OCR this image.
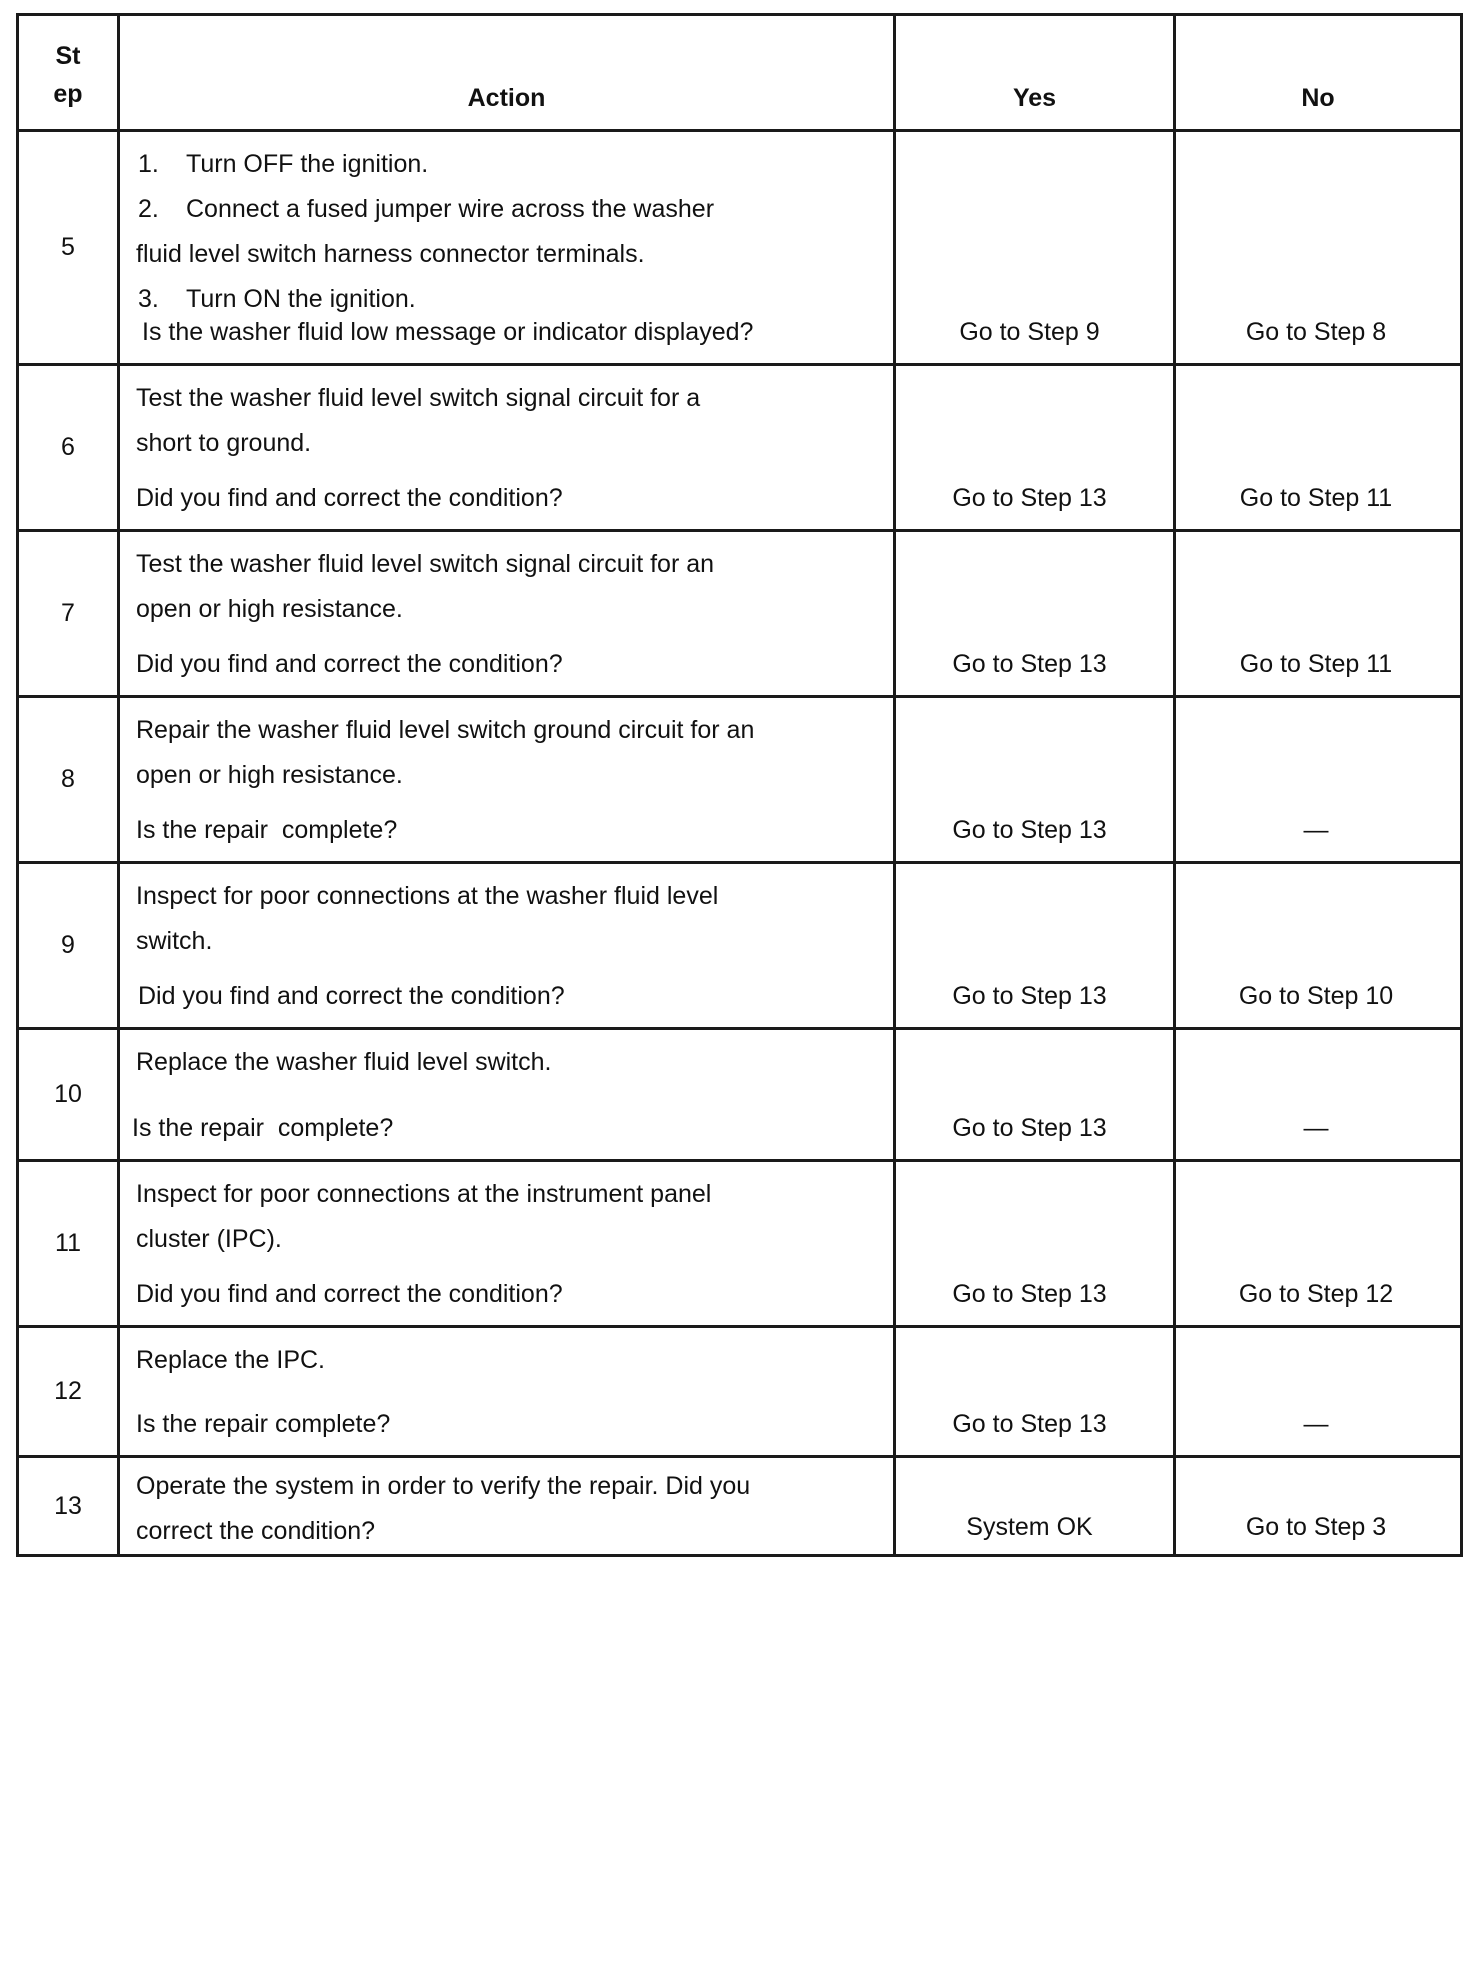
St
ep	Action	Yes	No
5	1. Turn OFF the ignition.
2. Connect a fused jumper wire across the washer
fluid level switch harness connector terminals.
3. Turn ON the ignition.
Is the washer fluid low message or indicator displayed?	Go to Step 9	Go to Step 8
6	Test the washer fluid level switch signal circuit for a
short to ground.
Did you find and correct the condition?	Go to Step 13	Go to Step 11
7	Test the washer fluid level switch signal circuit for an
open or high resistance.
Did you find and correct the condition?	Go to Step 13	Go to Step 11
8	Repair the washer fluid level switch ground circuit for an
open or high resistance.
Is the repair  complete?	Go to Step 13	—
9	Inspect for poor connections at the washer fluid level
switch.
Did you find and correct the condition?	Go to Step 13	Go to Step 10
10	Replace the washer fluid level switch.
Is the repair  complete?	Go to Step 13	—
11	Inspect for poor connections at the instrument panel
cluster (IPC).
Did you find and correct the condition?	Go to Step 13	Go to Step 12
12	Replace the IPC.
Is the repair complete?	Go to Step 13	—
13	Operate the system in order to verify the repair. Did you
correct the condition?	System OK	Go to Step 3
